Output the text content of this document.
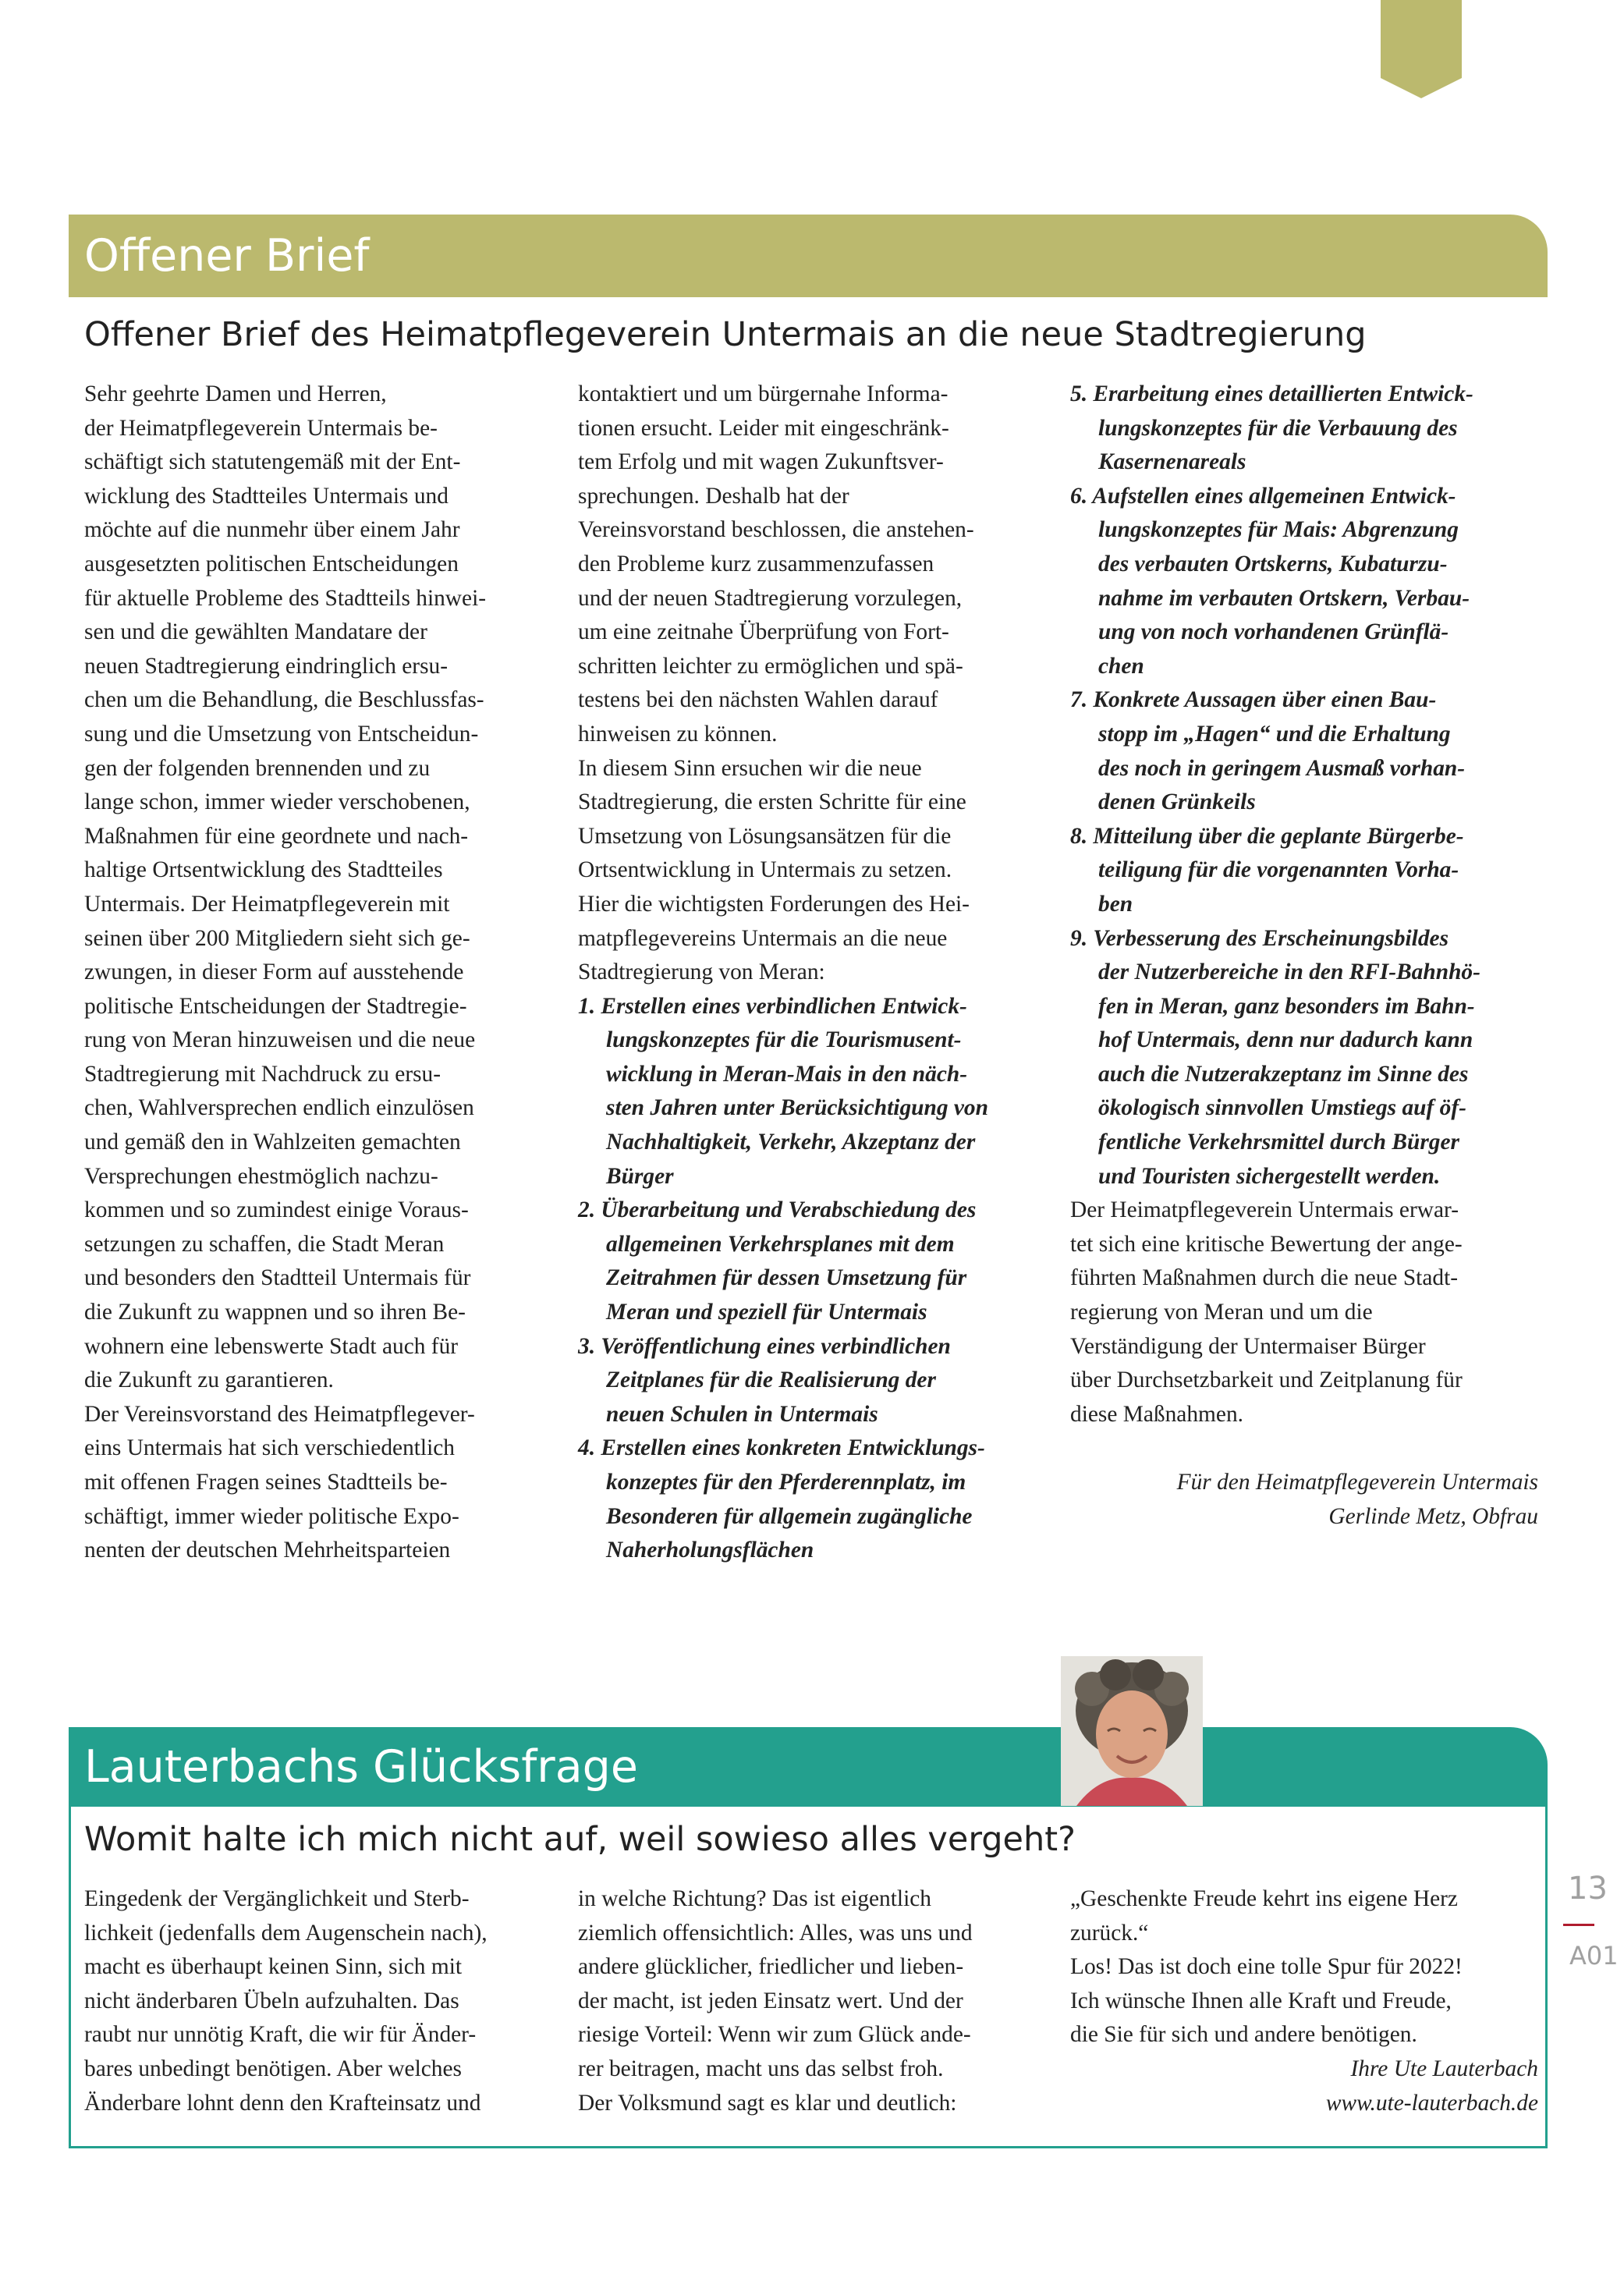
Offener Brief
Offener Brief des Heimatpflegeverein Untermais an die neue Stadtregierung

Sehr geehrte Damen und Herren,

der Heimatpflegeverein Untermais be-

schäftigt sich statutengemäß mit der Ent-

wicklung des Stadtteiles Untermais und

möchte auf die nunmehr über einem Jahr

ausgesetzten politischen Entscheidungen

für aktuelle Probleme des Stadtteils hinwei-

sen und die gewählten Mandatare der

neuen Stadtregierung eindringlich ersu-

chen um die Behandlung, die Beschlussfas-

sung und die Umsetzung von Entscheidun-

gen der folgenden brennenden und zu

lange schon, immer wieder verschobenen,

Maßnahmen für eine geordnete und nach-

haltige Ortsentwicklung des Stadtteiles

Untermais. Der Heimatpflegeverein mit

seinen über 200 Mitgliedern sieht sich ge-

zwungen, in dieser Form auf ausstehende

politische Entscheidungen der Stadtregie-

rung von Meran hinzuweisen und die neue

Stadtregierung mit Nachdruck zu ersu-

chen, Wahlversprechen endlich einzulösen

und gemäß den in Wahlzeiten gemachten

Versprechungen ehestmöglich nachzu-

kommen und so zumindest einige Voraus-

setzungen zu schaffen, die Stadt Meran

und besonders den Stadtteil Untermais für

die Zukunft zu wappnen und so ihren Be-

wohnern eine lebenswerte Stadt auch für

die Zukunft zu garantieren.

Der Vereinsvorstand des Heimatpflegever-

eins Untermais hat sich verschiedentlich

mit offenen Fragen seines Stadtteils be-

schäftigt, immer wieder politische Expo-

nenten der deutschen Mehrheitsparteien

kontaktiert und um bürgernahe Informa-

tionen ersucht. Leider mit eingeschränk-

tem Erfolg und mit wagen Zukunftsver-

sprechungen. Deshalb hat der

Vereinsvorstand beschlossen, die anstehen-

den Probleme kurz zusammenzufassen

und der neuen Stadtregierung vorzulegen,

um eine zeitnahe Überprüfung von Fort-

schritten leichter zu ermöglichen und spä-

testens bei den nächsten Wahlen darauf

hinweisen zu können.

In diesem Sinn ersuchen wir die neue

Stadtregierung, die ersten Schritte für eine

Umsetzung von Lösungsansätzen für die

Ortsentwicklung in Untermais zu setzen.

Hier die wichtigsten Forderungen des Hei-

matpflegevereins Untermais an die neue

Stadtregierung von Meran:

1. Erstellen eines verbindlichen Entwick-

lungskonzeptes für die Tourismusent-

wicklung in Meran-Mais in den näch-

sten Jahren unter Berücksichtigung von

Nachhaltigkeit, Verkehr, Akzeptanz der

Bürger

2. Überarbeitung und Verabschiedung des

allgemeinen Verkehrsplanes mit dem

Zeitrahmen für dessen Umsetzung für

Meran und speziell für Untermais

3. Veröffentlichung eines verbindlichen

Zeitplanes für die Realisierung der

neuen Schulen in Untermais

4. Erstellen eines konkreten Entwicklungs-

konzeptes für den Pferderennplatz, im

Besonderen für allgemein zugängliche

Naherholungsflächen

5. Erarbeitung eines detaillierten Entwick-

lungskonzeptes für die Verbauung des

Kasernenareals

6. Aufstellen eines allgemeinen Entwick-

lungskonzeptes für Mais: Abgrenzung

des verbauten Ortskerns, Kubaturzu-

nahme im verbauten Ortskern, Verbau-

ung von noch vorhandenen Grünflä-

chen

7. Konkrete Aussagen über einen Bau-

stopp im „Hagen“ und die Erhaltung

des noch in geringem Ausmaß vorhan-

denen Grünkeils

8. Mitteilung über die geplante Bürgerbe-

teiligung für die vorgenannten Vorha-

ben

9. Verbesserung des Erscheinungsbildes

der Nutzerbereiche in den RFI-Bahnhö-

fen in Meran, ganz besonders im Bahn-

hof Untermais, denn nur dadurch kann

auch die Nutzerakzeptanz im Sinne des

ökologisch sinnvollen Umstiegs auf öf-

fentliche Verkehrsmittel durch Bürger

und Touristen sichergestellt werden.

Der Heimatpflegeverein Untermais erwar-

tet sich eine kritische Bewertung der ange-

führten Maßnahmen durch die neue Stadt-

regierung von Meran und um die

Verständigung der Untermaiser Bürger

über Durchsetzbarkeit und Zeitplanung für

diese Maßnahmen.

Für den Heimatpflegeverein Untermais

Gerlinde Metz, Obfrau

Lauterbachs Glücksfrage
Womit halte ich mich nicht auf, weil sowieso alles vergeht?

Eingedenk der Vergänglichkeit und Sterb-

lichkeit (jedenfalls dem Augenschein nach),

macht es überhaupt keinen Sinn, sich mit

nicht änderbaren Übeln aufzuhalten. Das

raubt nur unnötig Kraft, die wir für Änder-

bares unbedingt benötigen. Aber welches

Änderbare lohnt denn den Krafteinsatz und

in welche Richtung? Das ist eigentlich

ziemlich offensichtlich: Alles, was uns und

andere glücklicher, friedlicher und lieben-

der macht, ist jeden Einsatz wert. Und der

riesige Vorteil: Wenn wir zum Glück ande-

rer beitragen, macht uns das selbst froh.

Der Volksmund sagt es klar und deutlich:

„Geschenkte Freude kehrt ins eigene Herz

zurück.“

Los! Das ist doch eine tolle Spur für 2022!

Ich wünsche Ihnen alle Kraft und Freude,

die Sie für sich und andere benötigen.

Ihre Ute Lauterbach

www.ute-lauterbach.de

13
A01
